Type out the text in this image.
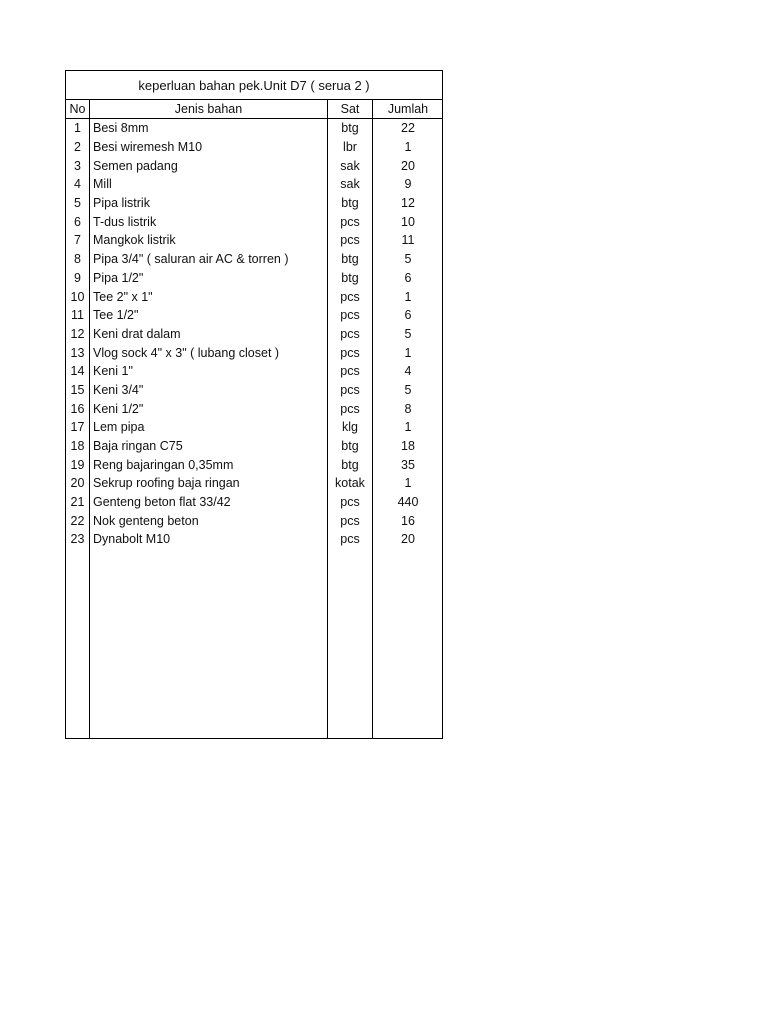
keperluan bahan pek.Unit D7 ( serua 2 )
No	Jenis bahan	Sat	Jumlah
1 Besi 8mm	btg	22
2 Besi wiremesh M10	lbr	1
3 Semen padang	sak	20
4 Mill	sak	9
5 Pipa listrik	btg	12
6 T-dus listrik	pcs	10
7 Mangkok listrik	pcs	11
8 Pipa 3/4" ( saluran air AC & torren )	btg	5
9 Pipa 1/2"	btg	6
10 Tee 2" x 1"	pcs	1
11 Tee 1/2"	pcs	6
12 Keni drat dalam	pcs	5
13 Vlog sock 4" x 3" ( lubang closet )	pcs	1
14 Keni 1"	pcs	4
15 Keni 3/4"	pcs	5
16 Keni 1/2"	pcs	8
17 Lem pipa	klg	1
18 Baja ringan C75	btg	18
19 Reng bajaringan 0,35mm	btg	35
20 Sekrup roofing baja ringan	kotak	1
21 Genteng beton flat 33/42	pcs	440
22 Nok genteng beton	pcs	16
23 Dynabolt M10	pcs	20
